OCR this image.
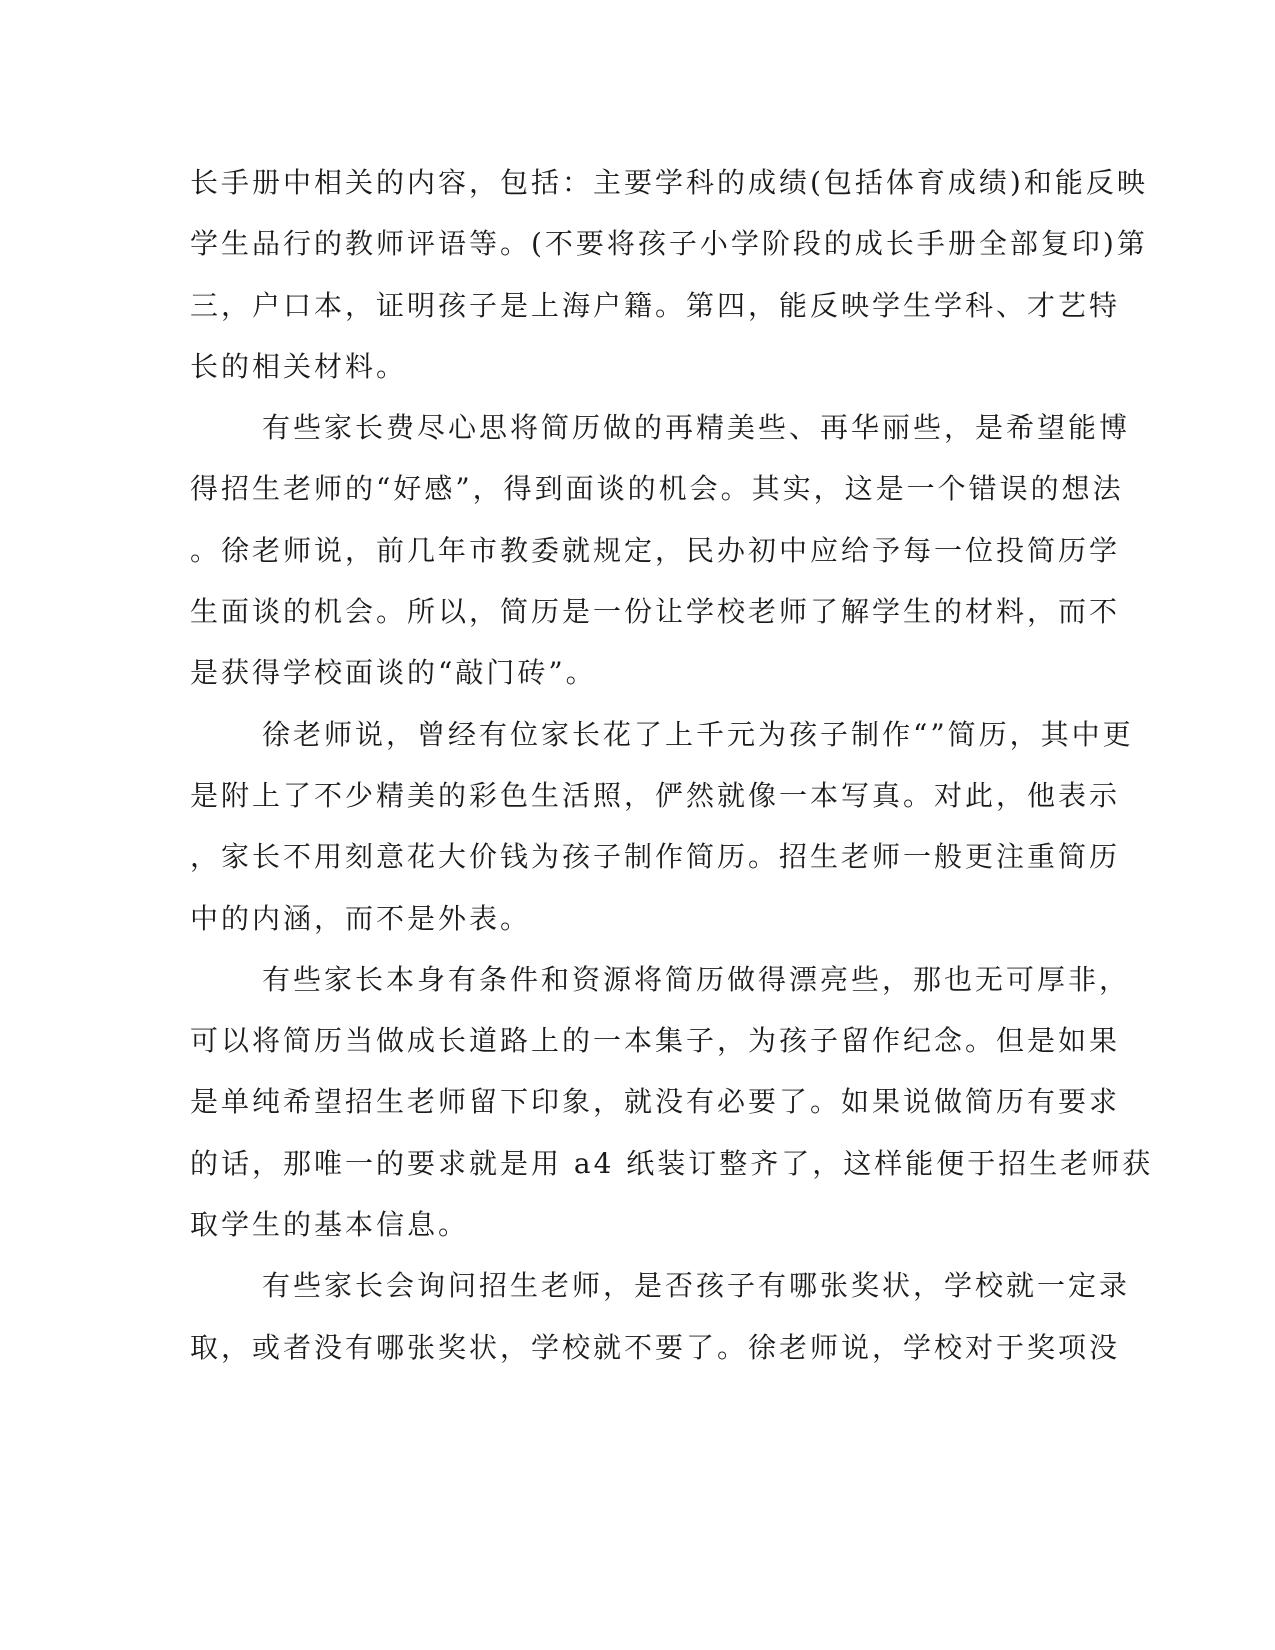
长手册中相关的内容，包括：主要学科的成绩(包括体育成绩)和能反映
学生品行的教师评语等。(不要将孩子小学阶段的成长手册全部复印)第
三，户口本，证明孩子是上海户籍。第四，能反映学生学科、才艺特
长的相关材料。
有些家长费尽心思将简历做的再精美些、再华丽些，是希望能博
得招生老师的“好感”，得到面谈的机会。其实，这是一个错误的想法
。徐老师说，前几年市教委就规定，民办初中应给予每一位投简历学
生面谈的机会。所以，简历是一份让学校老师了解学生的材料，而不
是获得学校面谈的“敲门砖”。
徐老师说，曾经有位家长花了上千元为孩子制作“”简历，其中更
是附上了不少精美的彩色生活照，俨然就像一本写真。对此，他表示
，家长不用刻意花大价钱为孩子制作简历。招生老师一般更注重简历
中的内涵，而不是外表。
有些家长本身有条件和资源将简历做得漂亮些，那也无可厚非，
可以将简历当做成长道路上的一本集子，为孩子留作纪念。但是如果
是单纯希望招生老师留下印象，就没有必要了。如果说做简历有要求
的话，那唯一的要求就是用 a4 纸装订整齐了，这样能便于招生老师获
取学生的基本信息。
有些家长会询问招生老师，是否孩子有哪张奖状，学校就一定录
取，或者没有哪张奖状，学校就不要了。徐老师说，学校对于奖项没
